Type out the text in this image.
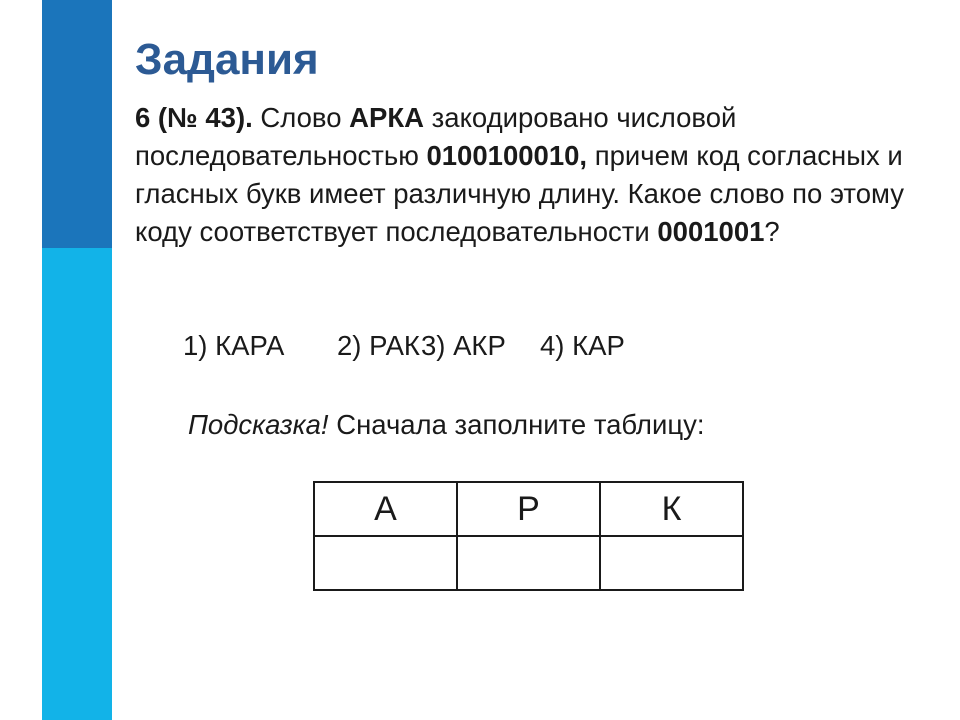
Задания

6 (№ 43). Слово АРКА закодировано числовой последовательностью 0100100010, причем код согласных и гласных букв имеет различную длину. Какое слово по этому коду соответствует последовательности 0001001?

1) КАРА 2) РАК 3) АКР 4) КАР
Подсказка! Сначала заполните таблицу:
А	Р	К
